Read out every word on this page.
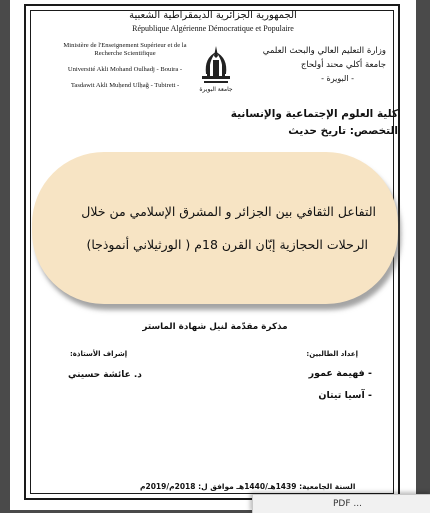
الجمهورية الجزائرية الديمقراطية الشعبية
République Algérienne Démocratique et Populaire
Ministère de l'Enseignement Supérieur et de la Recherche Scientifique
Université Akli Mohand Oulhadj - Bouira -
Tasdawit Akli Muḥend Ulḥağ - Tubirett -
وزارة التعليم العالي والبحث العلمي
جامعة أكلي محند أولحاج
- البويرة -
جامعة البويرة
كلية العلوم الإجتماعية والإنسانية
التخصص: تاريخ حديث
التفاعل الثقافي بين الجزائر و المشرق الإسلامي من خلال
الرحلات الحجازية إبّان القرن 18م ( الورثيلاني أنموذجا)
مذكرة مقدّمة لنيل شهادة الماستر
إعداد الطالبين:
إشراف الأستاذة:
- فهيمة عمور
- آسيا تيتان
د. عائشة حسيني
السنة الجامعية: 1439هـ/1440هـ موافق ل: 2018م/2019م
PDF ...
